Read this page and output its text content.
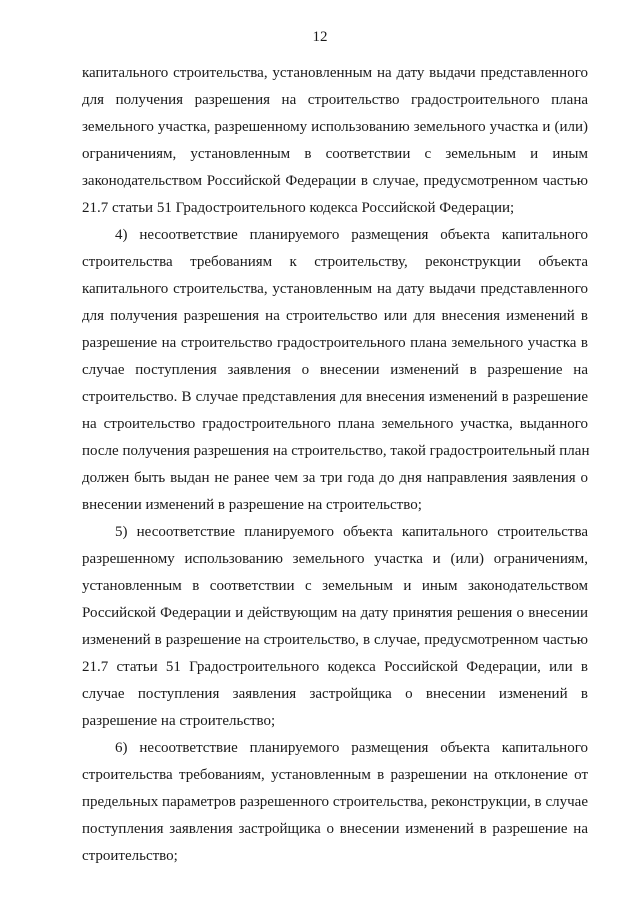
12
капитального строительства, установленным на дату выдачи представленного
для получения разрешения на строительство градостроительного плана
земельного участка, разрешенному использованию земельного участка и (или)
ограничениям, установленным в соответствии с земельным и иным
законодательством Российской Федерации в случае, предусмотренном частью
21.7 статьи 51 Градостроительного кодекса Российской Федерации;
4) несоответствие планируемого размещения объекта капитального
строительства требованиям к строительству, реконструкции объекта
капитального строительства, установленным на дату выдачи представленного
для получения разрешения на строительство или для внесения изменений в
разрешение на строительство градостроительного плана земельного участка в
случае поступления заявления о внесении изменений в разрешение на
строительство. В случае представления для внесения изменений в разрешение
на строительство градостроительного плана земельного участка, выданного
после получения разрешения на строительство, такой градостроительный план
должен быть выдан не ранее чем за три года до дня направления заявления о
внесении изменений в разрешение на строительство;
5) несоответствие планируемого объекта капитального строительства
разрешенному использованию земельного участка и (или) ограничениям,
установленным в соответствии с земельным и иным законодательством
Российской Федерации и действующим на дату принятия решения о внесении
изменений в разрешение на строительство, в случае, предусмотренном частью
21.7 статьи 51 Градостроительного кодекса Российской Федерации, или в
случае поступления заявления застройщика о внесении изменений в
разрешение на строительство;
6) несоответствие планируемого размещения объекта капитального
строительства требованиям, установленным в разрешении на отклонение от
предельных параметров разрешенного строительства, реконструкции, в случае
поступления заявления застройщика о внесении изменений в разрешение на
строительство;
